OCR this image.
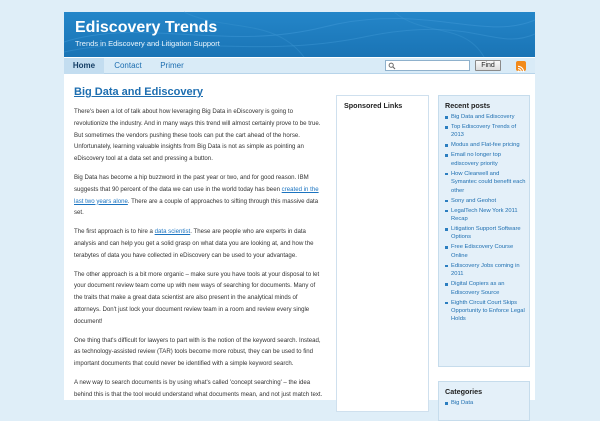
Ediscovery Trends
Trends in Ediscovery and Litigation Support
Home	Contact	Primer	Find
Big Data and Ediscovery

There's been a lot of talk about how leveraging Big Data in eDiscovery is going to revolutionize the industry. And in many ways this trend will almost certainly prove to be true. But sometimes the vendors pushing these tools can put the cart ahead of the horse. Unfortunately, learning valuable insights from Big Data is not as simple as pointing an eDiscovery tool at a data set and pressing a button.

Big Data has become a hip buzzword in the past year or two, and for good reason. IBM suggests that 90 percent of the data we can use in the world today has been created in the last two years alone. There are a couple of approaches to sifting through this massive data set.

The first approach is to hire a data scientist. These are people who are experts in data analysis and can help you get a solid grasp on what data you are looking at, and how the terabytes of data you have collected in eDiscovery can be used to your advantage.

The other approach is a bit more organic – make sure you have tools at your disposal to let your document review team come up with new ways of searching for documents. Many of the traits that make a great data scientist are also present in the analytical minds of attorneys. Don't just lock your document review team in a room and review every single document!

One thing that's difficult for lawyers to part with is the notion of the keyword search. Instead, as technology-assisted review (TAR) tools become more robust, they can be used to find important documents that could never be identified with a simple keyword search.

A new way to search documents is by using what's called 'concept searching' – the idea behind this is that the tool would understand what documents mean, and not just match text.

Sponsored Links	Recent posts
Big Data and Ediscovery
Top Ediscovery Trends of 2013
Modus and Flat-fee pricing
Email no longer top ediscovery priority
How Clearwell and Symantec could benefit each other
Sony and Geohot
LegalTech New York 2011 Recap
Litigation Support Software Options
Free Ediscovery Course Online
Ediscovery Jobs coming in 2011
Digital Copiers as an Ediscovery Source
Eighth Circuit Court Skips Opportunity to Enforce Legal Holds
Categories
Big Data
